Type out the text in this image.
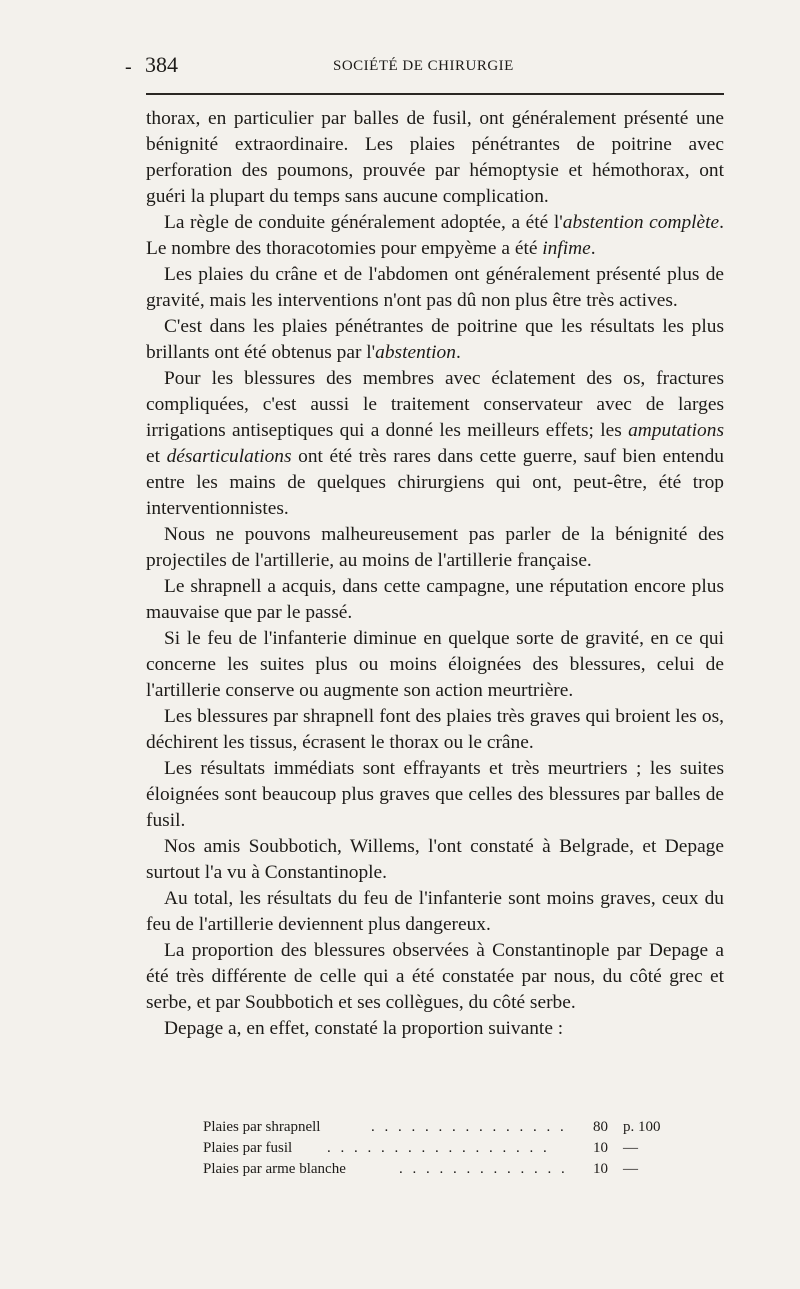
- 384	SOCIÉTÉ DE CHIRURGIE

thorax, en particulier par balles de fusil, ont généralement présenté une bénignité extraordinaire. Les plaies pénétrantes de poitrine avec perforation des poumons, prouvée par hémoptysie et hémothorax, ont guéri la plupart du temps sans aucune complication.

La règle de conduite généralement adoptée, a été l'abstention complète. Le nombre des thoracotomies pour empyème a été infime.

Les plaies du crâne et de l'abdomen ont généralement présenté plus de gravité, mais les interventions n'ont pas dû non plus être très actives.

C'est dans les plaies pénétrantes de poitrine que les résultats les plus brillants ont été obtenus par l'abstention.

Pour les blessures des membres avec éclatement des os, fractures compliquées, c'est aussi le traitement conservateur avec de larges irrigations antiseptiques qui a donné les meilleurs effets; les amputations et désarticulations ont été très rares dans cette guerre, sauf bien entendu entre les mains de quelques chirurgiens qui ont, peut-être, été trop interventionnistes.

Nous ne pouvons malheureusement pas parler de la bénignité des projectiles de l'artillerie, au moins de l'artillerie française.

Le shrapnell a acquis, dans cette campagne, une réputation encore plus mauvaise que par le passé.

Si le feu de l'infanterie diminue en quelque sorte de gravité, en ce qui concerne les suites plus ou moins éloignées des blessures, celui de l'artillerie conserve ou augmente son action meurtrière.

Les blessures par shrapnell font des plaies très graves qui broient les os, déchirent les tissus, écrasent le thorax ou le crâne.

Les résultats immédiats sont effrayants et très meurtriers ; les suites éloignées sont beaucoup plus graves que celles des blessures par balles de fusil.

Nos amis Soubbotich, Willems, l'ont constaté à Belgrade, et Depage surtout l'a vu à Constantinople.

Au total, les résultats du feu de l'infanterie sont moins graves, ceux du feu de l'artillerie deviennent plus dangereux.

La proportion des blessures observées à Constantinople par Depage a été très différente de celle qui a été constatée par nous, du côté grec et serbe, et par Soubbotich et ses collègues, du côté serbe.

Depage a, en effet, constaté la proportion suivante :

Plaies par shrapnell	. . . . . . . . . . . . . . . 80 p. 100
Plaies par fusil . . . . . . . . . . . . . . . . .	10 —
Plaies par arme blanche	. . . . . . . . . . . . . 10 —
